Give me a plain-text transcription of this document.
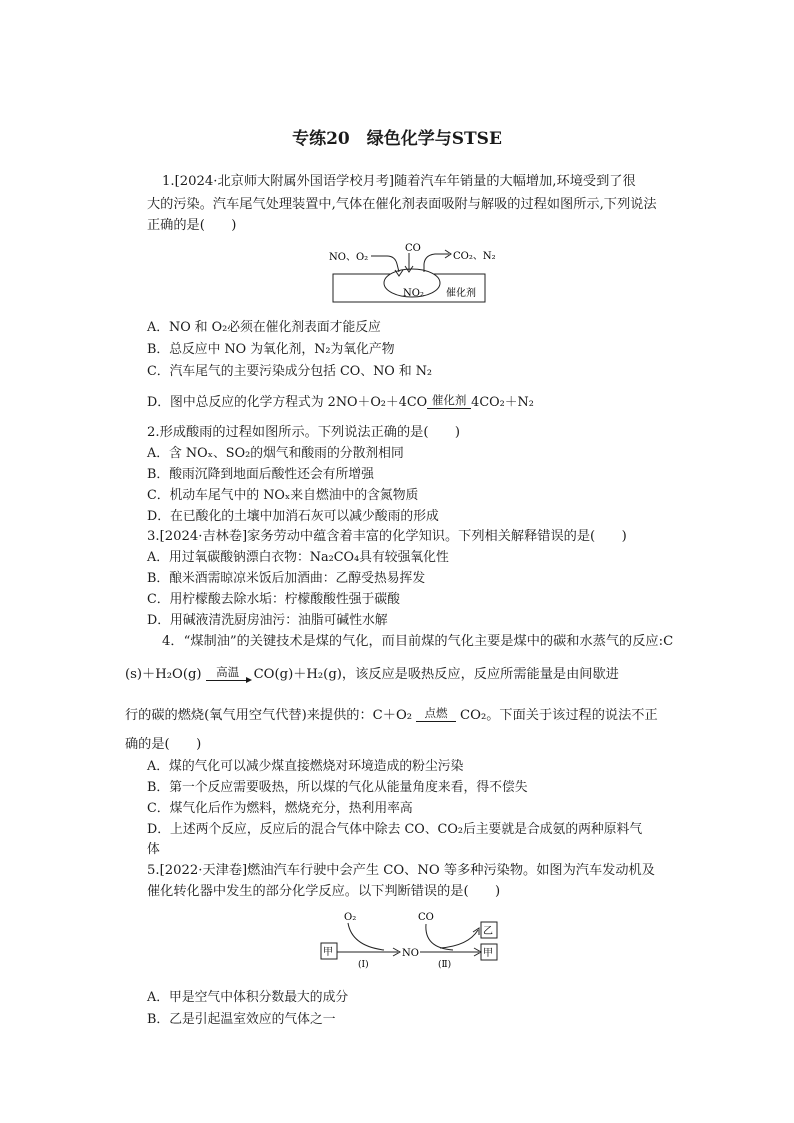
专练20　绿色化学与STSE
1.[2024·北京师大附属外国语学校月考]随着汽车年销量的大幅增加,环境受到了很
大的污染。汽车尾气处理装置中,气体在催化剂表面吸附与解吸的过程如图所示,下列说法
正确的是(　　)
NO、O₂
CO
CO₂、N₂
NO₂ 催化剂
A．NO 和 O₂必须在催化剂表面才能反应
B．总反应中 NO 为氧化剂，N₂为氧化产物
C．汽车尾气的主要污染成分包括 CO、NO 和 N₂
D．图中总反应的化学方程式为 2NO＋O₂＋4CO 催化剂 4CO₂＋N₂
2.形成酸雨的过程如图所示。下列说法正确的是(　　)
A．含 NOₓ、SO₂的烟气和酸雨的分散剂相同
B．酸雨沉降到地面后酸性还会有所增强
C．机动车尾气中的 NOₓ来自燃油中的含氮物质
D．在已酸化的土壤中加消石灰可以减少酸雨的形成
3.[2024·吉林卷]家务劳动中蕴含着丰富的化学知识。下列相关解释错误的是(　　)
A．用过氧碳酸钠漂白衣物：Na₂CO₄具有较强氧化性
B．酿米酒需晾凉米饭后加酒曲：乙醇受热易挥发
C．用柠檬酸去除水垢：柠檬酸酸性强于碳酸
D．用碱液清洗厨房油污：油脂可碱性水解
4．“煤制油”的关键技术是煤的气化，而目前煤的气化主要是煤中的碳和水蒸气的反应:C
(s)＋H₂O(g)	高温	CO(g)＋H₂(g)，该反应是吸热反应，反应所需能量是由间歇进
行的碳的燃烧(氧气用空气代替)来提供的：C＋O₂	点燃 CO₂。下面关于该过程的说法不正
确的是(　　)
A．煤的气化可以减少煤直接燃烧对环境造成的粉尘污染
B．第一个反应需要吸热，所以煤的气化从能量角度来看，得不偿失
C．煤气化后作为燃料，燃烧充分，热利用率高
D．上述两个反应，反应后的混合气体中除去 CO、CO₂后主要就是合成氨的两种原料气
体
5.[2022·天津卷]燃油汽车行驶中会产生 CO、NO 等多种污染物。如图为汽车发动机及
催化转化器中发生的部分化学反应。以下判断错误的是(　　)
甲
O₂
NO
CO
乙
甲
(Ⅰ)	(Ⅱ)
A．甲是空气中体积分数最大的成分
B．乙是引起温室效应的气体之一
